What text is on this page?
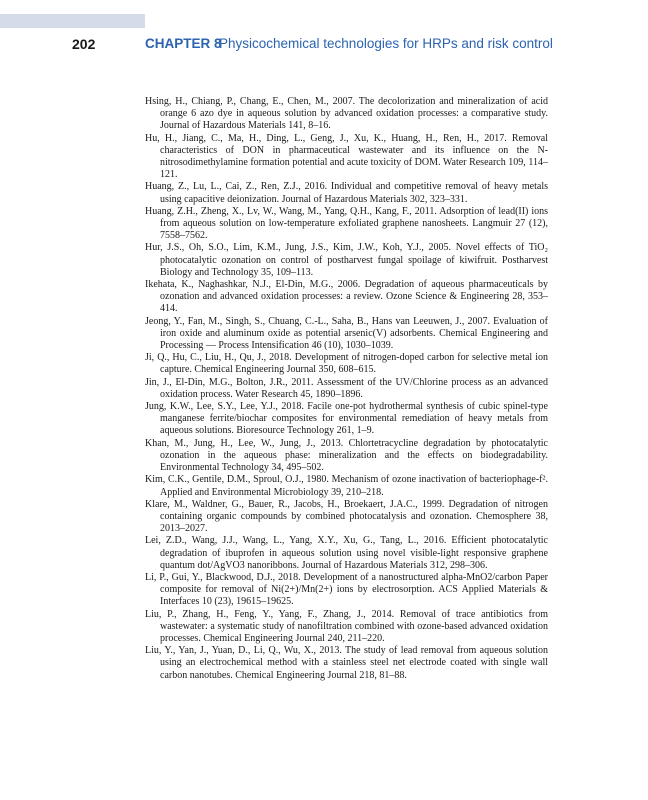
202	CHAPTER 8
Physicochemical technologies for HRPs and risk control
Hsing, H., Chiang, P., Chang, E., Chen, M., 2007. The decolorization and mineralization of acid orange 6 azo dye in aqueous solution by advanced oxidation processes: a comparative study. Journal of Hazardous Materials 141, 8–16.
Hu, H., Jiang, C., Ma, H., Ding, L., Geng, J., Xu, K., Huang, H., Ren, H., 2017. Removal characteristics of DON in pharmaceutical wastewater and its influence on the N-nitrosodimethylamine formation potential and acute toxicity of DOM. Water Research 109, 114–121.
Huang, Z., Lu, L., Cai, Z., Ren, Z.J., 2016. Individual and competitive removal of heavy metals using capacitive deionization. Journal of Hazardous Materials 302, 323–331.
Huang, Z.H., Zheng, X., Lv, W., Wang, M., Yang, Q.H., Kang, F., 2011. Adsorption of lead(II) ions from aqueous solution on low-temperature exfoliated graphene nanosheets. Langmuir 27 (12), 7558–7562.
Hur, J.S., Oh, S.O., Lim, K.M., Jung, J.S., Kim, J.W., Koh, Y.J., 2005. Novel effects of TiO₂ photocatalytic ozonation on control of postharvest fungal spoilage of kiwifruit. Postharvest Biology and Technology 35, 109–113.
Ikehata, K., Naghashkar, N.J., El-Din, M.G., 2006. Degradation of aqueous pharmaceuticals by ozonation and advanced oxidation processes: a review. Ozone Science & Engineering 28, 353–414.
Jeong, Y., Fan, M., Singh, S., Chuang, C.-L., Saha, B., Hans van Leeuwen, J., 2007. Evaluation of iron oxide and aluminum oxide as potential arsenic(V) adsorbents. Chemical Engineering and Processing — Process Intensification 46 (10), 1030–1039.
Ji, Q., Hu, C., Liu, H., Qu, J., 2018. Development of nitrogen-doped carbon for selective metal ion capture. Chemical Engineering Journal 350, 608–615.
Jin, J., El-Din, M.G., Bolton, J.R., 2011. Assessment of the UV/Chlorine process as an advanced oxidation process. Water Research 45, 1890–1896.
Jung, K.W., Lee, S.Y., Lee, Y.J., 2018. Facile one-pot hydrothermal synthesis of cubic spinel-type manganese ferrite/biochar composites for environmental remediation of heavy metals from aqueous solutions. Bioresource Technology 261, 1–9.
Khan, M., Jung, H., Lee, W., Jung, J., 2013. Chlortetracycline degradation by photocatalytic ozonation in the aqueous phase: mineralization and the effects on biodegradability. Environmental Technology 34, 495–502.
Kim, C.K., Gentile, D.M., Sproul, O.J., 1980. Mechanism of ozone inactivation of bacteriophage-f². Applied and Environmental Microbiology 39, 210–218.
Klare, M., Waldner, G., Bauer, R., Jacobs, H., Broekaert, J.A.C., 1999. Degradation of nitrogen containing organic compounds by combined photocatalysis and ozonation. Chemosphere 38, 2013–2027.
Lei, Z.D., Wang, J.J., Wang, L., Yang, X.Y., Xu, G., Tang, L., 2016. Efficient photocatalytic degradation of ibuprofen in aqueous solution using novel visible-light responsive graphene quantum dot/AgVO3 nanoribbons. Journal of Hazardous Materials 312, 298–306.
Li, P., Gui, Y., Blackwood, D.J., 2018. Development of a nanostructured alpha-MnO2/carbon Paper composite for removal of Ni(2+)/Mn(2+) ions by electrosorption. ACS Applied Materials & Interfaces 10 (23), 19615–19625.
Liu, P., Zhang, H., Feng, Y., Yang, F., Zhang, J., 2014. Removal of trace antibiotics from wastewater: a systematic study of nanofiltration combined with ozone-based advanced oxidation processes. Chemical Engineering Journal 240, 211–220.
Liu, Y., Yan, J., Yuan, D., Li, Q., Wu, X., 2013. The study of lead removal from aqueous solution using an electrochemical method with a stainless steel net electrode coated with single wall carbon nanotubes. Chemical Engineering Journal 218, 81–88.
